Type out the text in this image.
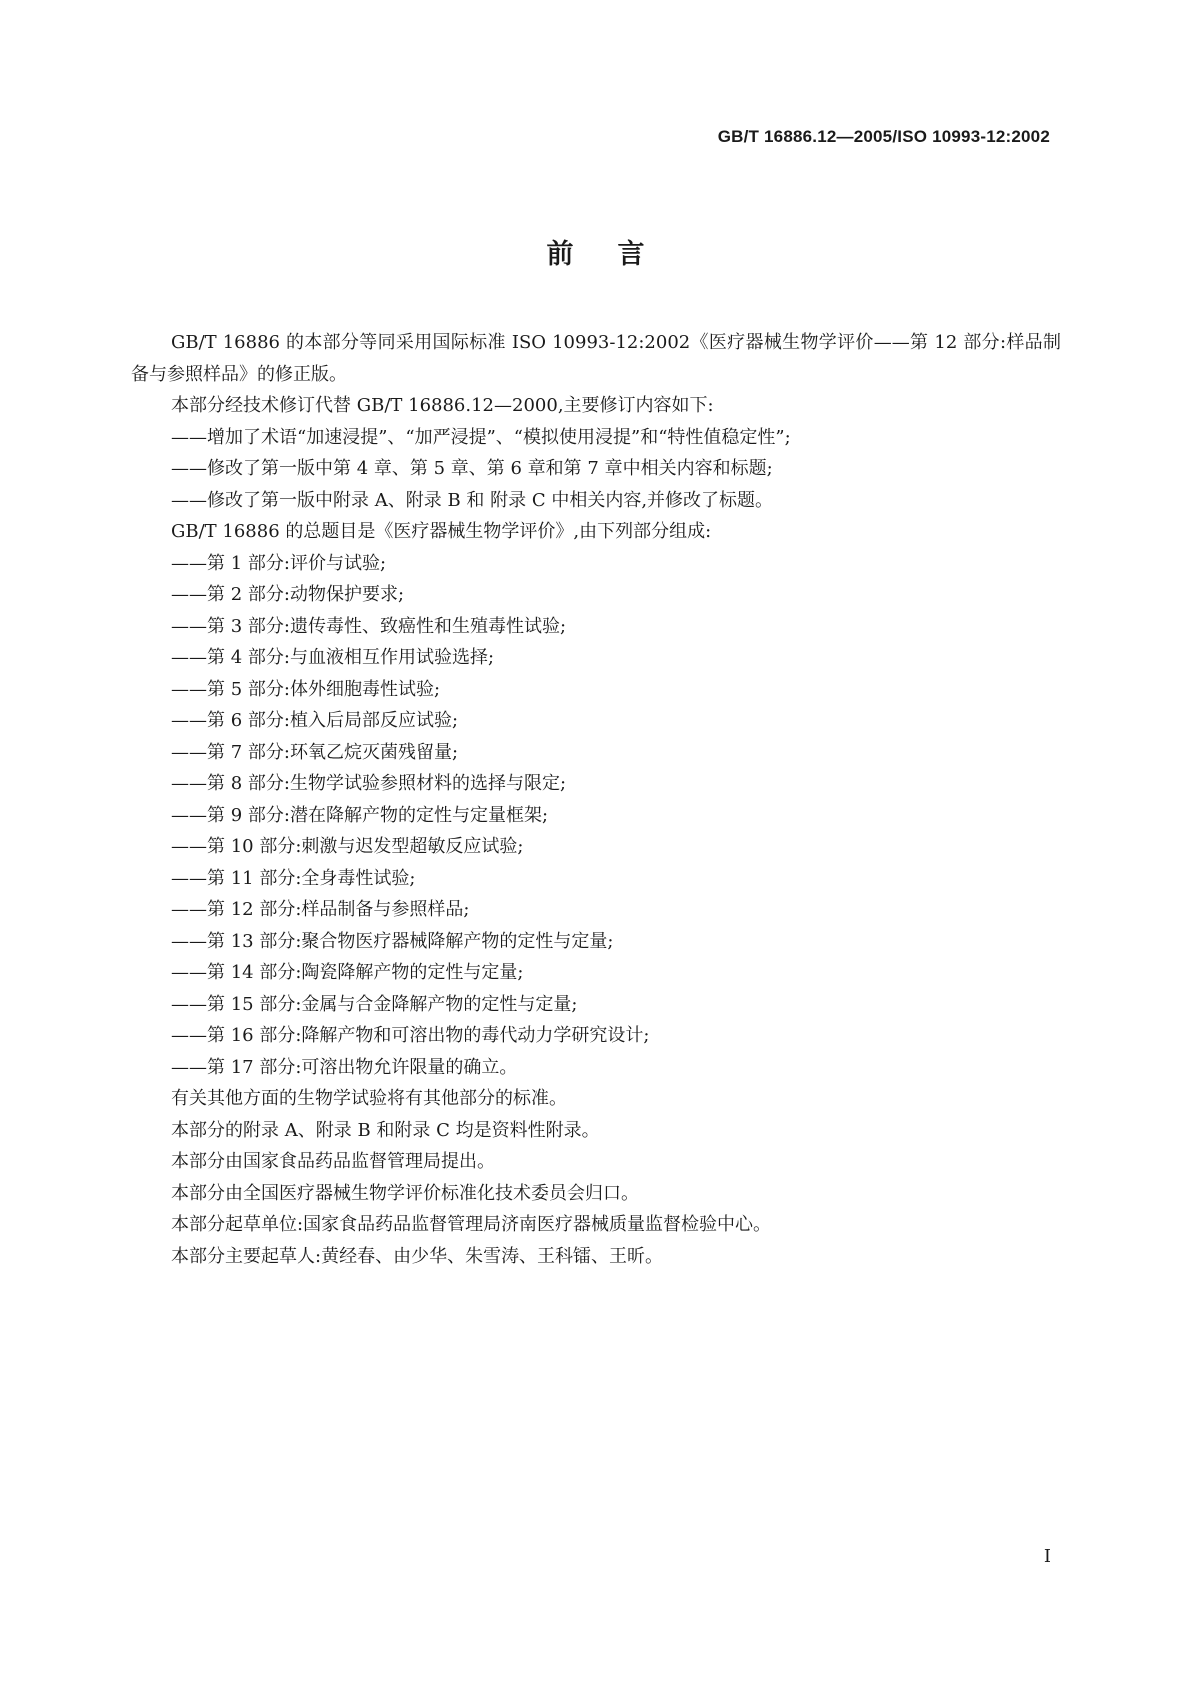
GB/T 16886.12—2005/ISO 10993-12:2002
前言

GB/T 16886 的本部分等同采用国际标准 ISO 10993-12:2002《医疗器械生物学评价——第 12 部分:样品制备与参照样品》的修正版。

本部分经技术修订代替 GB/T 16886.12—2000,主要修订内容如下:

——增加了术语“加速浸提”、“加严浸提”、“模拟使用浸提”和“特性值稳定性”;

——修改了第一版中第 4 章、第 5 章、第 6 章和第 7 章中相关内容和标题;

——修改了第一版中附录 A、附录 B 和 附录 C 中相关内容,并修改了标题。

GB/T 16886 的总题目是《医疗器械生物学评价》,由下列部分组成:

——第 1 部分:评价与试验;

——第 2 部分:动物保护要求;

——第 3 部分:遗传毒性、致癌性和生殖毒性试验;

——第 4 部分:与血液相互作用试验选择;

——第 5 部分:体外细胞毒性试验;

——第 6 部分:植入后局部反应试验;

——第 7 部分:环氧乙烷灭菌残留量;

——第 8 部分:生物学试验参照材料的选择与限定;

——第 9 部分:潜在降解产物的定性与定量框架;

——第 10 部分:刺激与迟发型超敏反应试验;

——第 11 部分:全身毒性试验;

——第 12 部分:样品制备与参照样品;

——第 13 部分:聚合物医疗器械降解产物的定性与定量;

——第 14 部分:陶瓷降解产物的定性与定量;

——第 15 部分:金属与合金降解产物的定性与定量;

——第 16 部分:降解产物和可溶出物的毒代动力学研究设计;

——第 17 部分:可溶出物允许限量的确立。

有关其他方面的生物学试验将有其他部分的标准。

本部分的附录 A、附录 B 和附录 C 均是资料性附录。

本部分由国家食品药品监督管理局提出。

本部分由全国医疗器械生物学评价标准化技术委员会归口。

本部分起草单位:国家食品药品监督管理局济南医疗器械质量监督检验中心。

本部分主要起草人:黄经春、由少华、朱雪涛、王科镭、王昕。

I
